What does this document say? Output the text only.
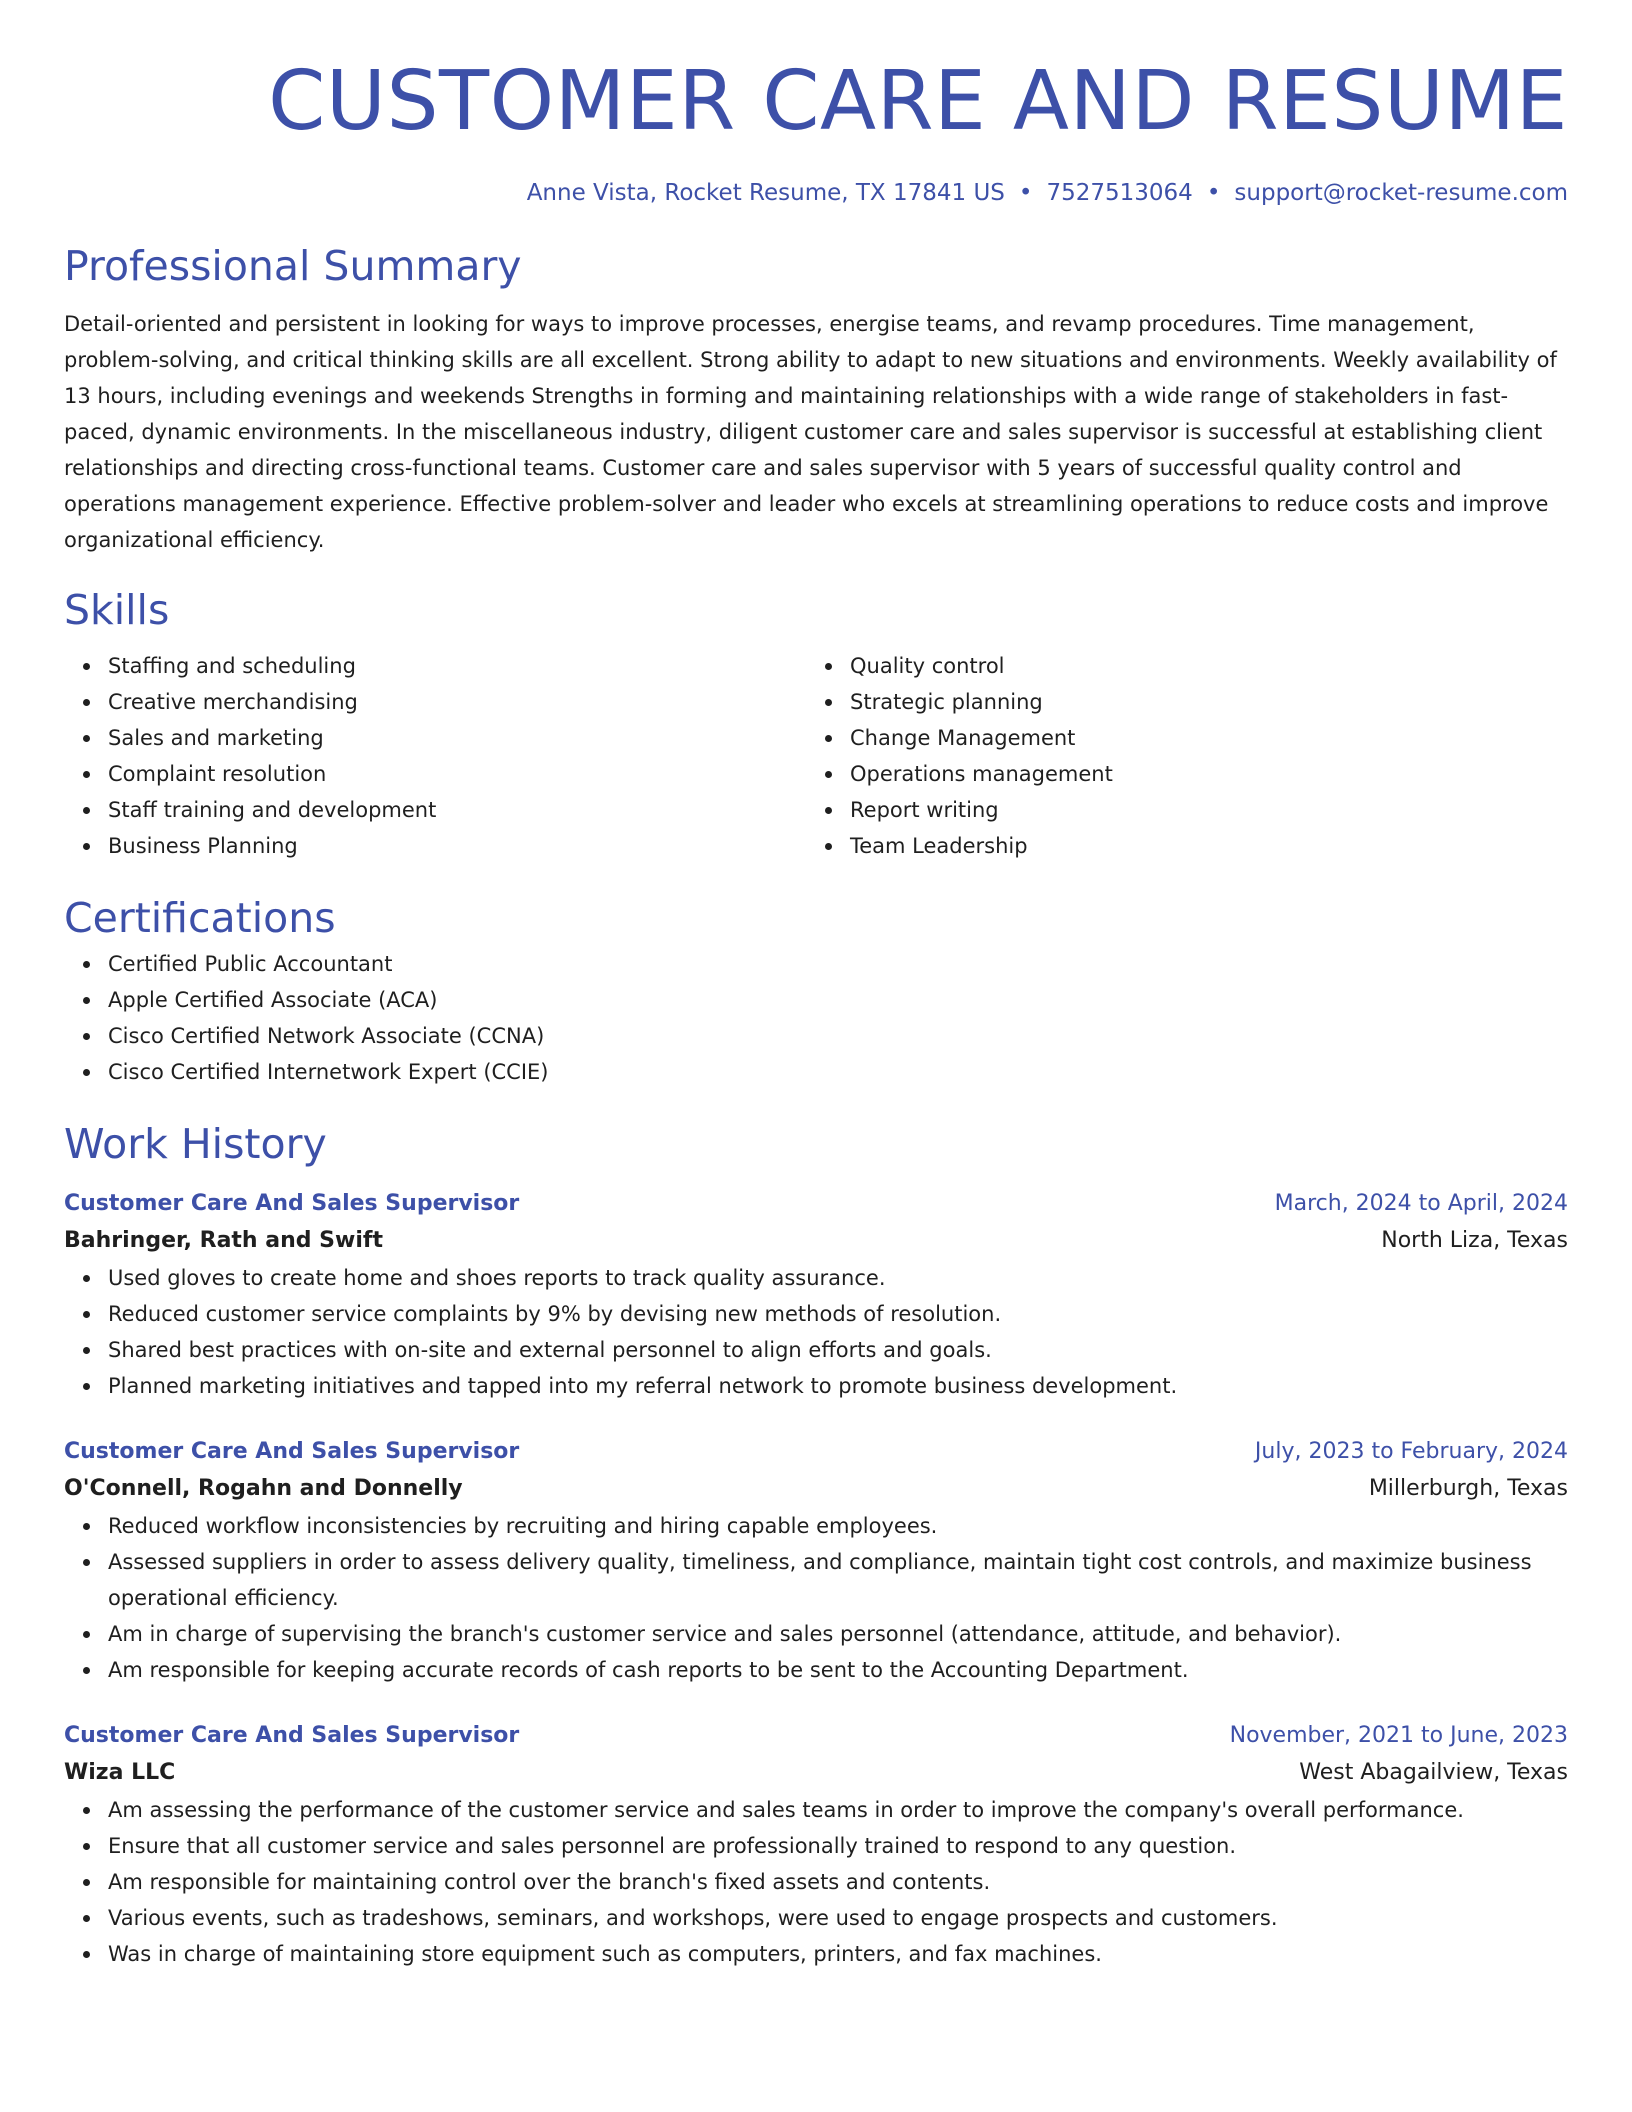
CUSTOMER CARE AND RESUME
Anne Vista, Rocket Resume, TX 17841 US • 7527513064 • support@rocket-resume.com
Professional Summary
Detail-oriented and persistent in looking for ways to improve processes, energise teams, and revamp procedures. Time management, problem-solving, and critical thinking skills are all excellent. Strong ability to adapt to new situations and environments. Weekly availability of 13 hours, including evenings and weekends Strengths in forming and maintaining relationships with a wide range of stakeholders in fast-paced, dynamic environments. In the miscellaneous industry, diligent customer care and sales supervisor is successful at establishing client relationships and directing cross-functional teams. Customer care and sales supervisor with 5 years of successful quality control and operations management experience. Effective problem-solver and leader who excels at streamlining operations to reduce costs and improve organizational efficiency.
Skills
Staffing and scheduling
Creative merchandising
Sales and marketing
Complaint resolution
Staff training and development
Business Planning
Quality control
Strategic planning
Change Management
Operations management
Report writing
Team Leadership
Certifications
Certified Public Accountant
Apple Certified Associate (ACA)
Cisco Certified Network Associate (CCNA)
Cisco Certified Internetwork Expert (CCIE)
Work History
Customer Care And Sales Supervisor	March, 2024 to April, 2024
Bahringer, Rath and Swift	North Liza, Texas
Used gloves to create home and shoes reports to track quality assurance.
Reduced customer service complaints by 9% by devising new methods of resolution.
Shared best practices with on-site and external personnel to align efforts and goals.
Planned marketing initiatives and tapped into my referral network to promote business development.
Customer Care And Sales Supervisor	July, 2023 to February, 2024
O'Connell, Rogahn and Donnelly	Millerburgh, Texas
Reduced workflow inconsistencies by recruiting and hiring capable employees.
Assessed suppliers in order to assess delivery quality, timeliness, and compliance, maintain tight cost controls, and maximize business operational efficiency.
Am in charge of supervising the branch's customer service and sales personnel (attendance, attitude, and behavior).
Am responsible for keeping accurate records of cash reports to be sent to the Accounting Department.
Customer Care And Sales Supervisor	November, 2021 to June, 2023
Wiza LLC	West Abagailview, Texas
Am assessing the performance of the customer service and sales teams in order to improve the company's overall performance.
Ensure that all customer service and sales personnel are professionally trained to respond to any question.
Am responsible for maintaining control over the branch's fixed assets and contents.
Various events, such as tradeshows, seminars, and workshops, were used to engage prospects and customers.
Was in charge of maintaining store equipment such as computers, printers, and fax machines.
